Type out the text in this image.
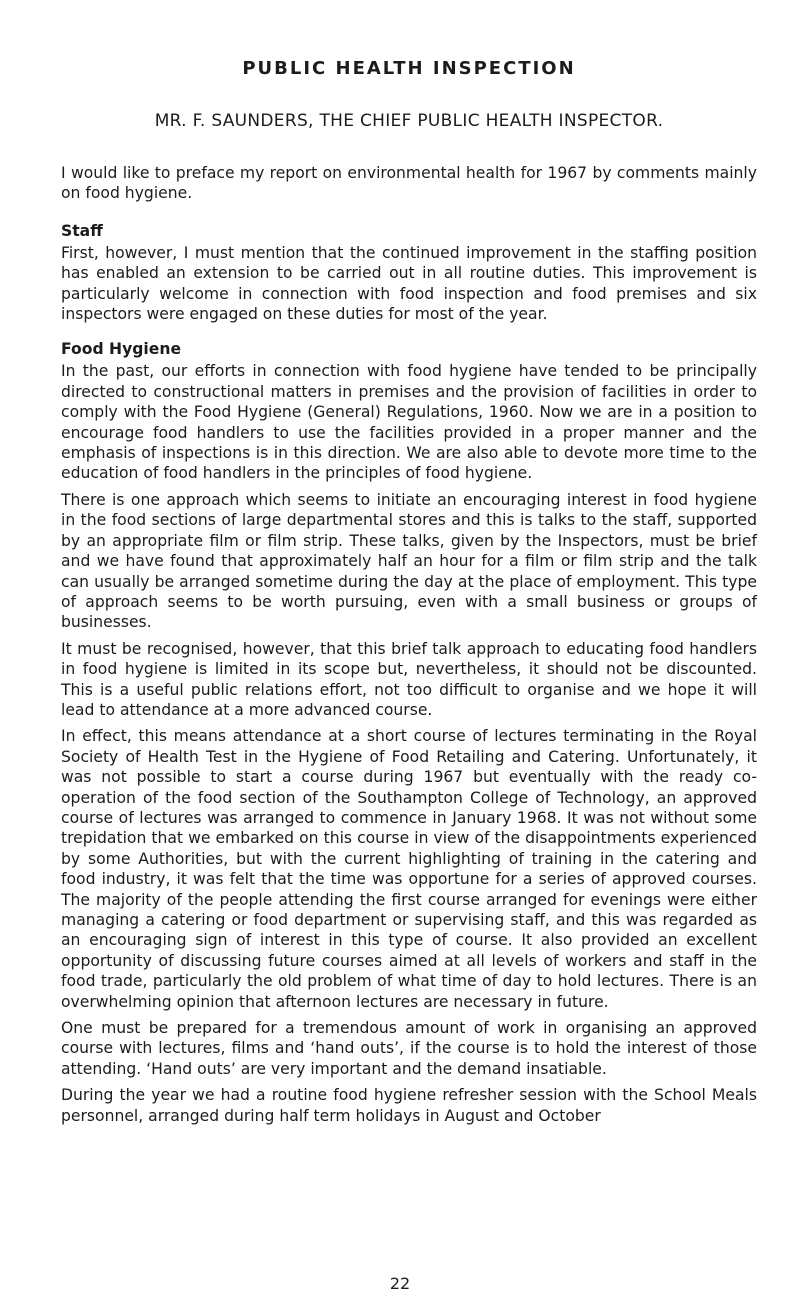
PUBLIC HEALTH INSPECTION
MR. F. SAUNDERS, THE CHIEF PUBLIC HEALTH INSPECTOR.

I would like to preface my report on environmental health for 1967 by comments mainly on food hygiene.

Staff

First, however, I must mention that the continued improvement in the staffing position has enabled an extension to be carried out in all routine duties. This improvement is particularly welcome in connection with food inspection and food premises and six inspectors were engaged on these duties for most of the year.

Food Hygiene

In the past, our efforts in connection with food hygiene have tended to be principally directed to constructional matters in premises and the provision of facilities in order to comply with the Food Hygiene (General) Regulations, 1960. Now we are in a position to encourage food handlers to use the facilities provided in a proper manner and the emphasis of inspections is in this direction. We are also able to devote more time to the education of food handlers in the principles of food hygiene.

There is one approach which seems to initiate an encouraging interest in food hygiene in the food sections of large departmental stores and this is talks to the staff, supported by an appropriate film or film strip. These talks, given by the Inspectors, must be brief and we have found that approximately half an hour for a film or film strip and the talk can usually be arranged sometime during the day at the place of employment. This type of approach seems to be worth pursuing, even with a small business or groups of businesses.

It must be recognised, however, that this brief talk approach to educating food handlers in food hygiene is limited in its scope but, nevertheless, it should not be discounted. This is a useful public relations effort, not too difficult to organise and we hope it will lead to attendance at a more advanced course.

In effect, this means attendance at a short course of lectures terminating in the Royal Society of Health Test in the Hygiene of Food Retailing and Catering. Unfortunately, it was not possible to start a course during 1967 but eventually with the ready co-operation of the food section of the Southampton College of Technology, an approved course of lectures was arranged to commence in January 1968. It was not without some trepidation that we embarked on this course in view of the disappointments experienced by some Authorities, but with the current highlighting of training in the catering and food industry, it was felt that the time was opportune for a series of approved courses. The majority of the people attending the first course arranged for evenings were either managing a catering or food department or supervising staff, and this was regarded as an encouraging sign of interest in this type of course. It also provided an excellent opportunity of discussing future courses aimed at all levels of workers and staff in the food trade, particularly the old problem of what time of day to hold lectures. There is an overwhelming opinion that afternoon lectures are necessary in future.

One must be prepared for a tremendous amount of work in organising an approved course with lectures, films and ‘hand outs’, if the course is to hold the interest of those attending. ‘Hand outs’ are very important and the demand insatiable.

During the year we had a routine food hygiene refresher session with the School Meals personnel, arranged during half term holidays in August and October

22
